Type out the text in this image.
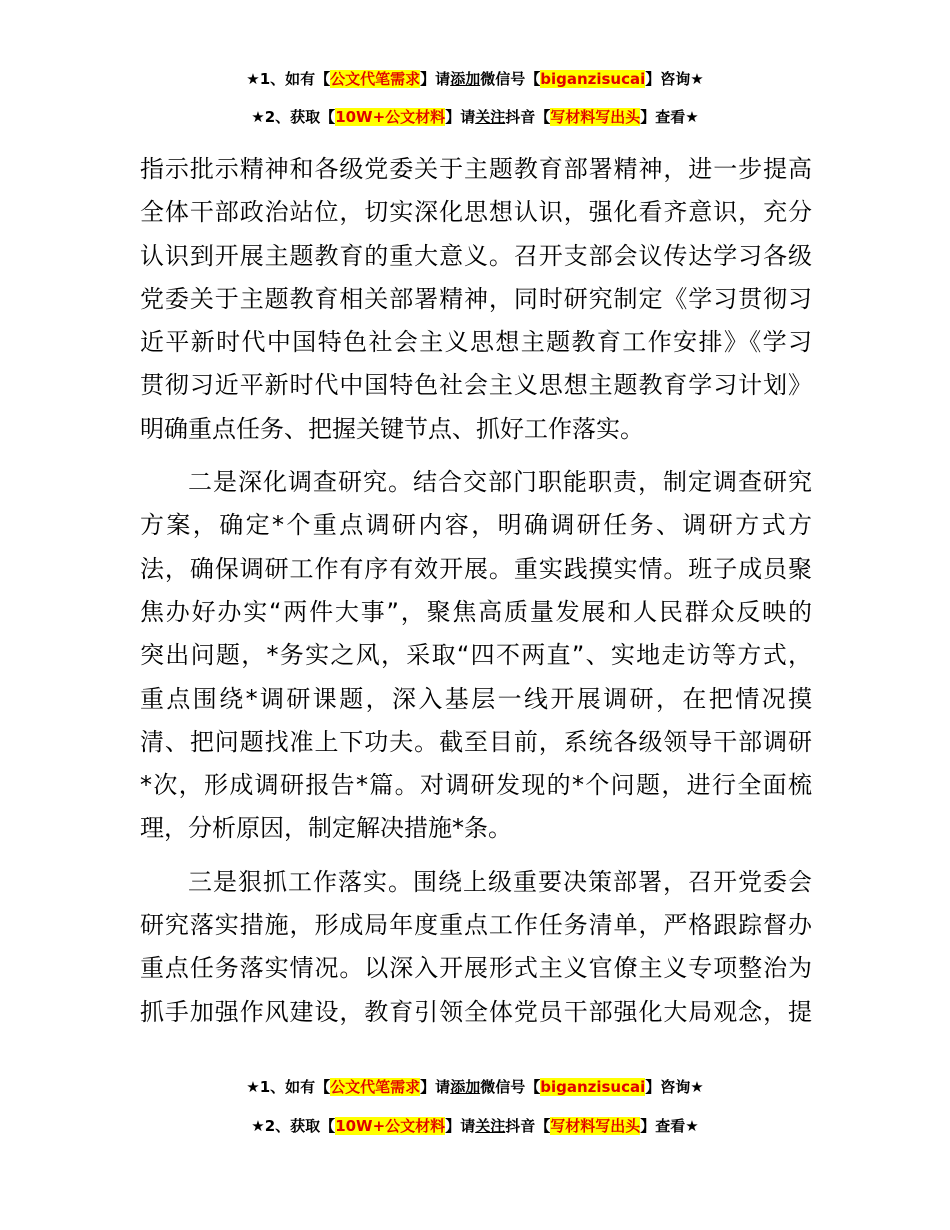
★1、如有【公文代笔需求】请添加微信号【biganzisucai】咨询★
★2、获取【10W+公文材料】请关注抖音【写材料写出头】查看★
指示批示精神和各级党委关于主题教育部署精神，进一步提高
全体干部政治站位，切实深化思想认识，强化看齐意识，充分
认识到开展主题教育的重大意义。召开支部会议传达学习各级
党委关于主题教育相关部署精神，同时研究制定《学习贯彻习
近平新时代中国特色社会主义思想主题教育工作安排》《学习
贯彻习近平新时代中国特色社会主义思想主题教育学习计划》
明确重点任务、把握关键节点、抓好工作落实。
二是深化调查研究。结合交部门职能职责，制定调查研究
方案，确定*个重点调研内容，明确调研任务、调研方式方
法，确保调研工作有序有效开展。重实践摸实情。班子成员聚
焦办好办实“两件大事”，聚焦高质量发展和人民群众反映的
突出问题，*务实之风，采取“四不两直”、实地走访等方式，
重点围绕*调研课题，深入基层一线开展调研，在把情况摸
清、把问题找准上下功夫。截至目前，系统各级领导干部调研
*次，形成调研报告*篇。对调研发现的*个问题，进行全面梳
理，分析原因，制定解决措施*条。
三是狠抓工作落实。围绕上级重要决策部署，召开党委会
研究落实措施，形成局年度重点工作任务清单，严格跟踪督办
重点任务落实情况。以深入开展形式主义官僚主义专项整治为
抓手加强作风建设，教育引领全体党员干部强化大局观念，提
★1、如有【公文代笔需求】请添加微信号【biganzisucai】咨询★
★2、获取【10W+公文材料】请关注抖音【写材料写出头】查看★
